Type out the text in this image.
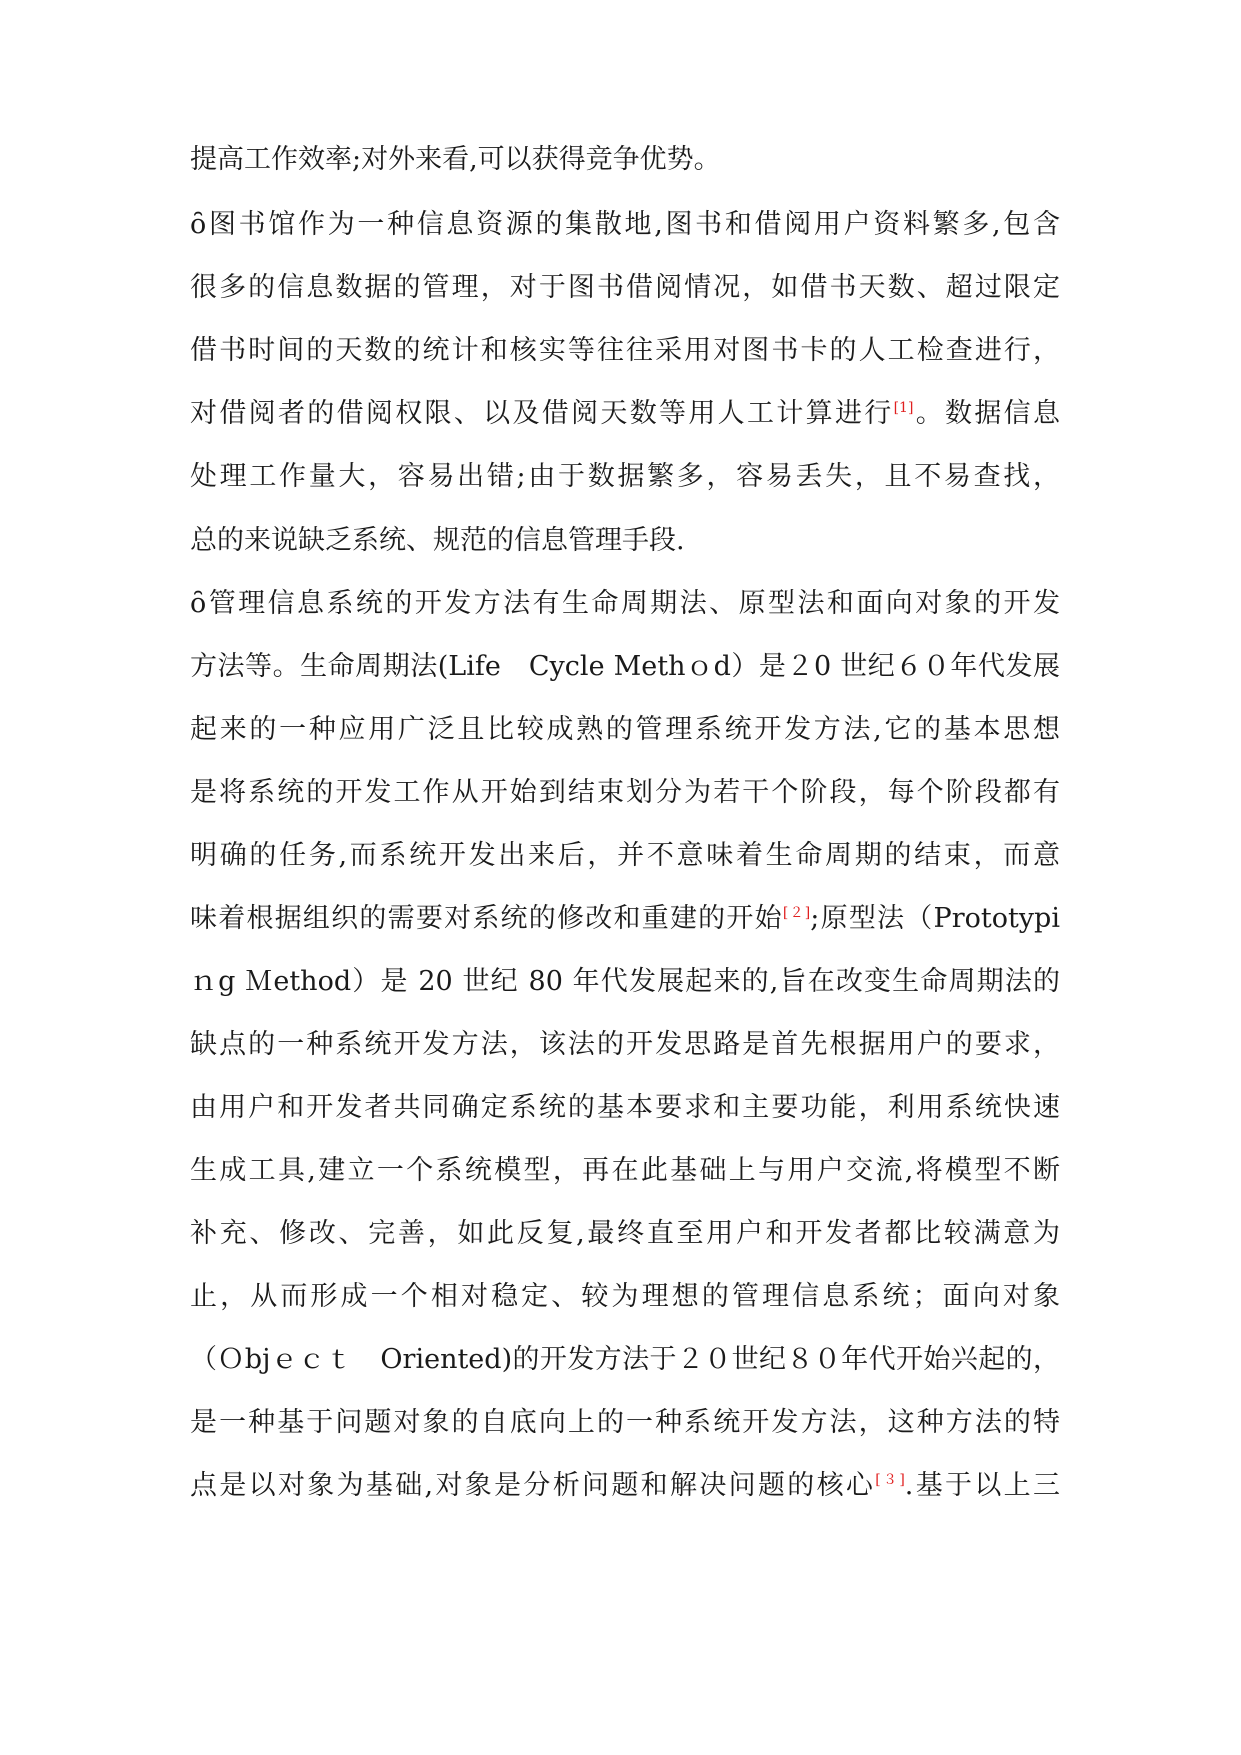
提高工作效率;对外来看,可以获得竞争优势。
ȏ图书馆作为一种信息资源的集散地,图书和借阅用户资料繁多,包含
很多的信息数据的管理，对于图书借阅情况，如借书天数、超过限定
借书时间的天数的统计和核实等往往采用对图书卡的人工检查进行，
对借阅者的借阅权限、以及借阅天数等用人工计算进行[1]。数据信息
处理工作量大，容易出错;由于数据繁多，容易丢失，且不易查找，
总的来说缺乏系统、规范的信息管理手段.
ȏ管理信息系统的开发方法有生命周期法、原型法和面向对象的开发
方法等。生命周期法(Life　Cycle Methｏd）是２0 世纪６０年代发展
起来的一种应用广泛且比较成熟的管理系统开发方法,它的基本思想
是将系统的开发工作从开始到结束划分为若干个阶段，每个阶段都有
明确的任务,而系统开发出来后，并不意味着生命周期的结束，而意
味着根据组织的需要对系统的修改和重建的开始[２];原型法（Prototypi
ｎg Ｍethod）是 20 世纪 80 年代发展起来的,旨在改变生命周期法的
缺点的一种系统开发方法，该法的开发思路是首先根据用户的要求，
由用户和开发者共同确定系统的基本要求和主要功能，利用系统快速
生成工具,建立一个系统模型，再在此基础上与用户交流,将模型不断
补充、修改、完善，如此反复,最终直至用户和开发者都比较满意为
止，从而形成一个相对稳定、较为理想的管理信息系统；面向对象
（Ｏbjｅｃｔ　Oriented)的开发方法于２０世纪８０年代开始兴起的，
是一种基于问题对象的自底向上的一种系统开发方法，这种方法的特
点是以对象为基础,对象是分析问题和解决问题的核心[３].基于以上三
